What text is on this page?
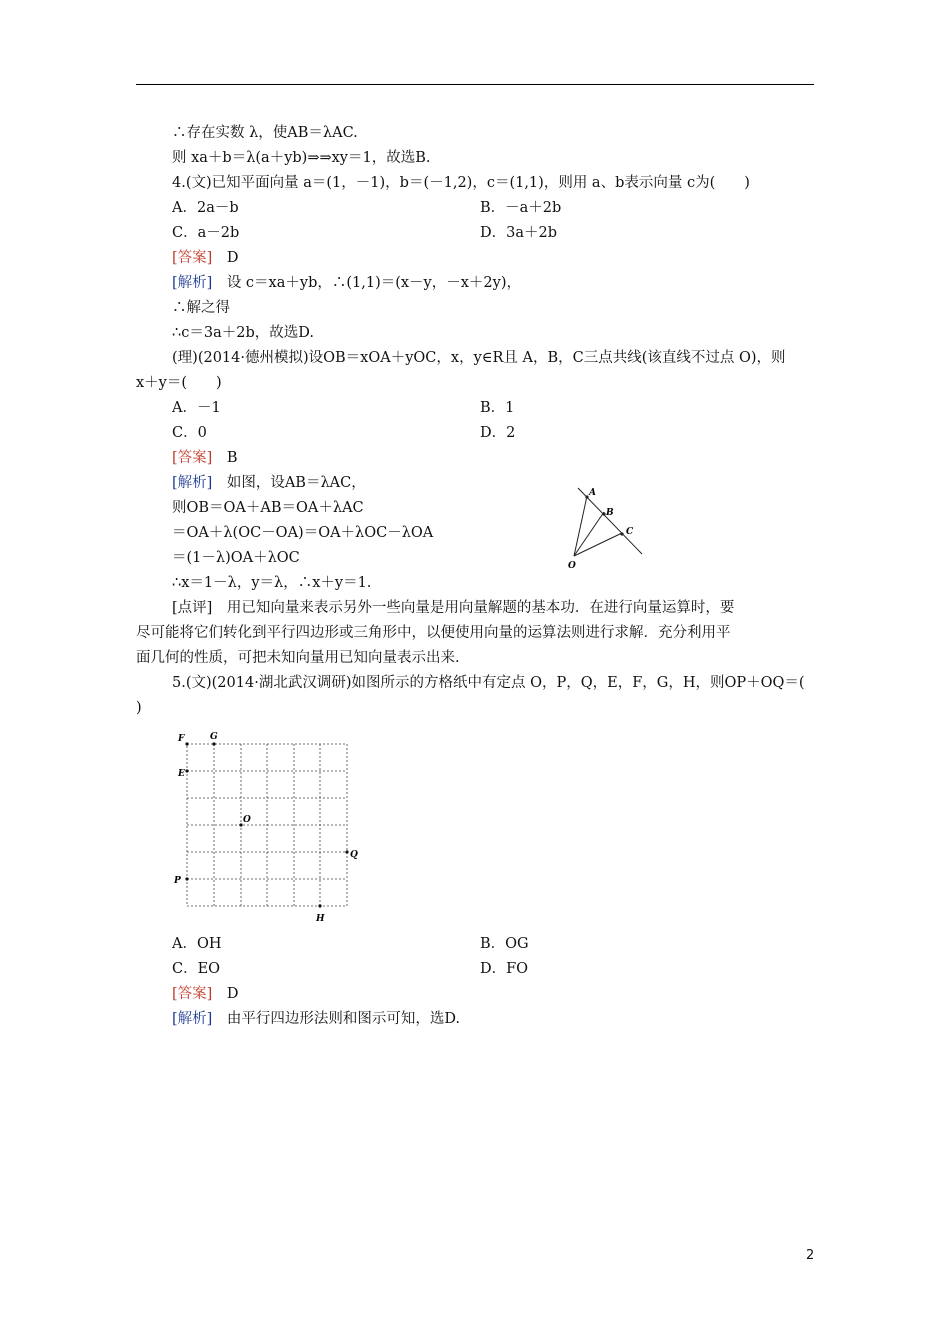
∴存在实数 λ，使AB＝λAC.
则 xa＋b＝λ(a＋yb)⇒⇒xy＝1，故选B.
4.(文)已知平面向量 a＝(1，－1)，b＝(－1,2)，c＝(1,1)，则用 a、b表示向量 c为(　　)
A．2a－b	B．－a＋2b
C．a－2b	D．3a＋2b
[答案]　 D
[解析]　 设 c＝xa＋yb，∴(1,1)＝(x－y，－x＋2y)，
∴解之得
∴c＝3a＋2b，故选D.
(理)(2014·德州模拟)设OB＝xOA＋yOC，x，y∈R且 A，B，C三点共线(该直线不过点 O)，则
x＋y＝(　　)
A．－1	B．1
C．0	D．2
[答案]　 B
[解析]　 如图，设AB＝λAC，
则OB＝OA＋AB＝OA＋λAC
＝OA＋λ(OC－OA)＝OA＋λOC－λOA
＝(1－λ)OA＋λOC
∴x＝1－λ，y＝λ，∴x＋y＝1.
A
B
C
O
[点评]　 用已知向量来表示另外一些向量是用向量解题的基本功．在进行向量运算时，要
尽可能将它们转化到平行四边形或三角形中，以便使用向量的运算法则进行求解．充分利用平
面几何的性质，可把未知向量用已知向量表示出来.
5.(文)(2014·湖北武汉调研)如图所示的方格纸中有定点 O，P，Q，E，F，G，H，则OP＋OQ＝(
)
F	G
E
O
Q
P
H
A．OH	B．OG
C．EO	D．FO
[答案]　 D
[解析]　 由平行四边形法则和图示可知，选D.
2
